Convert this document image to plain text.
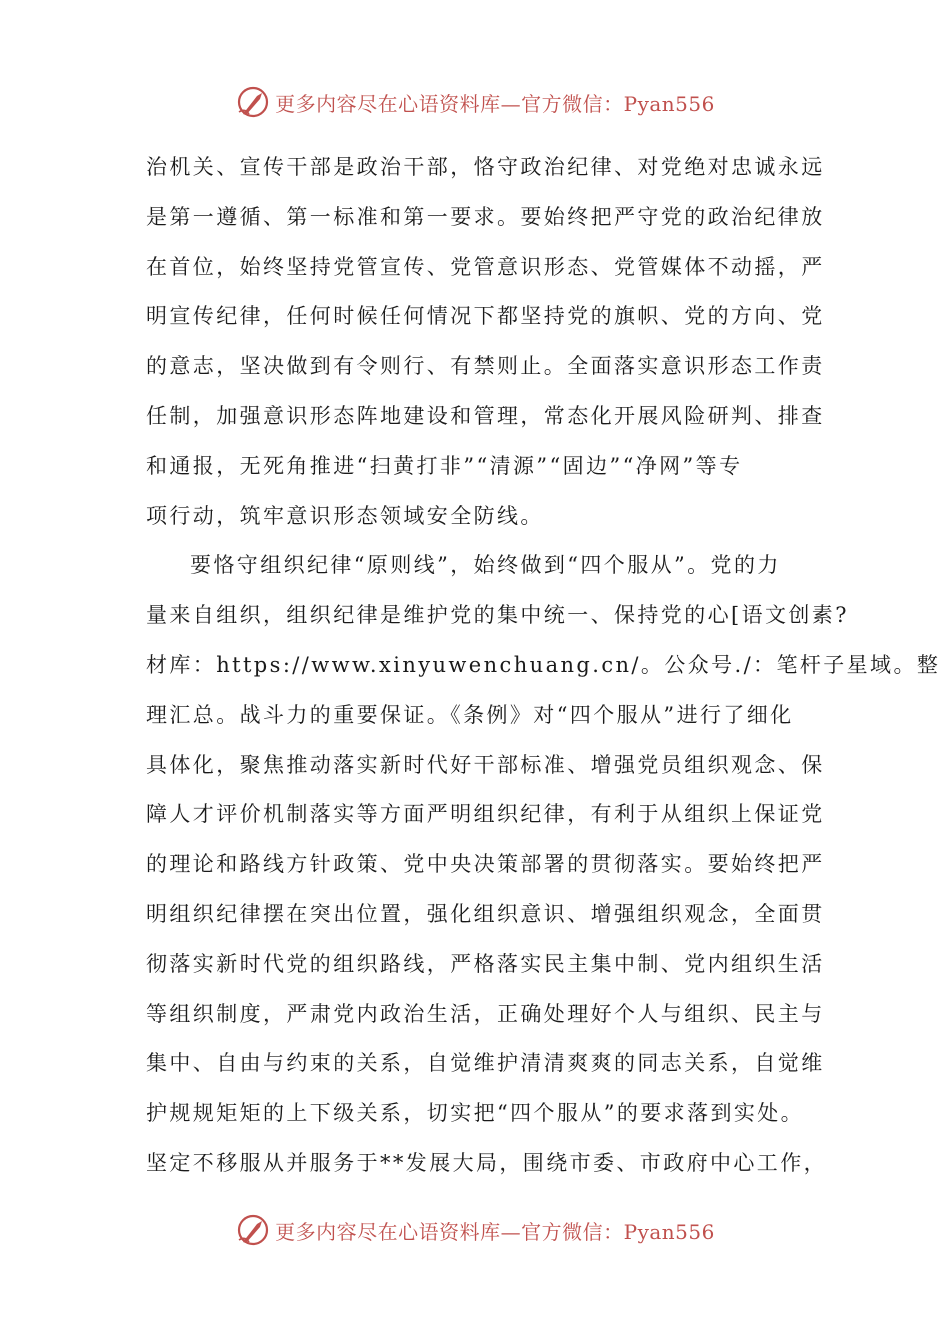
更多内容尽在心语资料库—官方微信：Pyan556
治机关、宣传干部是政治干部，恪守政治纪律、对党绝对忠诚永远
是第一遵循、第一标准和第一要求。要始终把严守党的政治纪律放
在首位，始终坚持党管宣传、党管意识形态、党管媒体不动摇，严
明宣传纪律，任何时候任何情况下都坚持党的旗帜、党的方向、党
的意志，坚决做到有令则行、有禁则止。全面落实意识形态工作责
任制，加强意识形态阵地建设和管理，常态化开展风险研判、排查
和通报，无死角推进“扫黄打非”“清源”“固边”“净网”等专
项行动，筑牢意识形态领域安全防线。
要恪守组织纪律“原则线”，始终做到“四个服从”。党的力
量来自组织，组织纪律是维护党的集中统一、保持党的心[语文创素?
材库：https://www.xinyuwenchuang.cn/。公众号./：笔杆子星域。整
理汇总。战斗力的重要保证。《条例》对“四个服从”进行了细化
具体化，聚焦推动落实新时代好干部标准、增强党员组织观念、保
障人才评价机制落实等方面严明组织纪律，有利于从组织上保证党
的理论和路线方针政策、党中央决策部署的贯彻落实。要始终把严
明组织纪律摆在突出位置，强化组织意识、增强组织观念，全面贯
彻落实新时代党的组织路线，严格落实民主集中制、党内组织生活
等组织制度，严肃党内政治生活，正确处理好个人与组织、民主与
集中、自由与约束的关系，自觉维护清清爽爽的同志关系，自觉维
护规规矩矩的上下级关系，切实把“四个服从”的要求落到实处。
坚定不移服从并服务于**发展大局，围绕市委、市政府中心工作，
更多内容尽在心语资料库—官方微信：Pyan556
